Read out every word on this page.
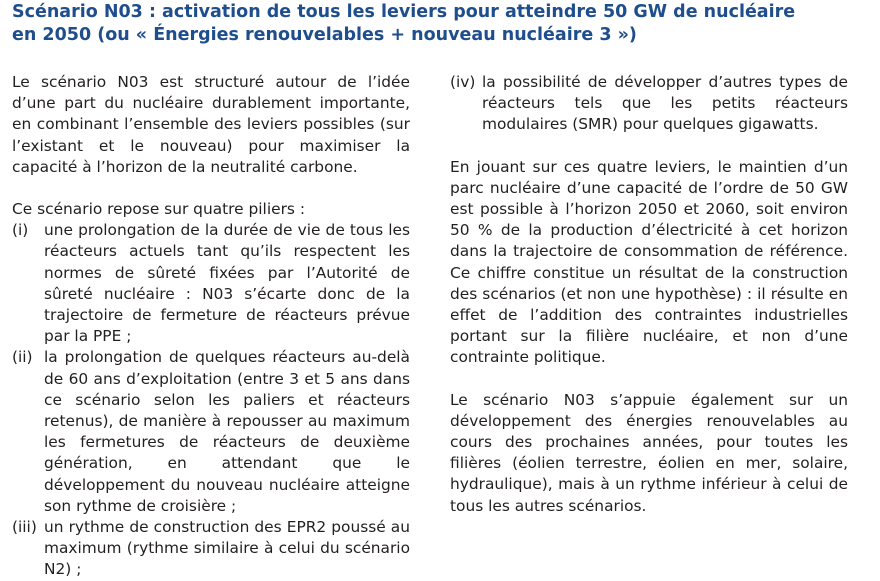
Scénario N03 : activation de tous les leviers pour atteindre 50 GW de nucléaire
en 2050 (ou « Énergies renouvelables + nouveau nucléaire 3 »)

Le scénario N03 est structuré autour de l’idée d’une part du nucléaire durablement importante, en combinant l’ensemble des leviers possibles (sur l’existant et le nouveau) pour maximiser la capacité à l’horizon de la neutralité carbone.

Ce scénario repose sur quatre piliers :

(i)	une prolongation de la durée de vie de tous les réacteurs actuels tant qu’ils respectent les normes de sûreté fixées par l’Autorité de sûreté nucléaire : N03 s’écarte donc de la trajectoire de fermeture de réacteurs prévue par la PPE ;
(ii) la prolongation de quelques réacteurs au-delà de 60 ans d’exploitation (entre 3 et 5 ans dans ce scénario selon les paliers et réacteurs retenus), de manière à repousser au maximum les fermetures de réacteurs de deuxième génération, en attendant que le développement du nouveau nucléaire atteigne son rythme de croisière ;
(iii) un rythme de construction des EPR2 poussé au maximum (rythme similaire à celui du scénario N2) ;
(iv) la possibilité de développer d’autres types de réacteurs tels que les petits réacteurs modulaires (SMR) pour quelques gigawatts.

En jouant sur ces quatre leviers, le maintien d’un parc nucléaire d’une capacité de l’ordre de 50 GW est possible à l’horizon 2050 et 2060, soit environ 50 % de la production d’électricité à cet horizon dans la trajectoire de consommation de référence. Ce chiffre constitue un résultat de la construction des scénarios (et non une hypothèse) : il résulte en effet de l’addition des contraintes industrielles portant sur la filière nucléaire, et non d’une contrainte politique.

Le scénario N03 s’appuie également sur un développement des énergies renouvelables au cours des prochaines années, pour toutes les filières (éolien terrestre, éolien en mer, solaire, hydraulique), mais à un rythme inférieur à celui de tous les autres scénarios.
